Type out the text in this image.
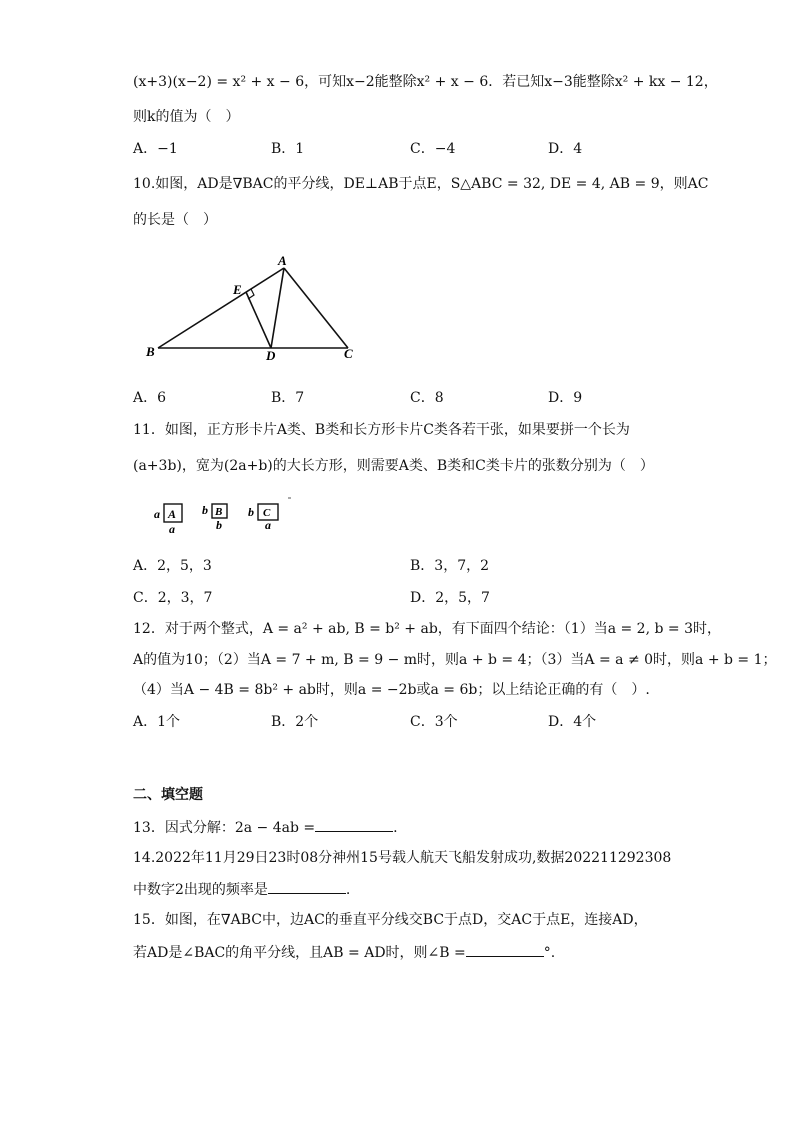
(x+3)(x−2) = x² + x − 6，可知x−2能整除x² + x − 6．若已知x−3能整除x² + kx − 12，
则k的值为（　）
A．−1	B．1	C．−4	D．4
10.如图，AD是∇BAC的平分线，DE⊥AB于点E，S△ABC = 32, DE = 4, AB = 9，则AC
的长是（　）
A
E
B	D	C
A．6	B．7	C．8	D．9
11．如图，正方形卡片A类、B类和长方形卡片C类各若干张，如果要拼一个长为
(a+3b)，宽为(2a+b)的大长方形，则需要A类、B类和C类卡片的张数分别为（　）
a A
a
b B
b
b C
a
A．2，5，3	B．3，7，2
C．2，3，7	D．2，5，7
12．对于两个整式，A = a² + ab, B = b² + ab，有下面四个结论：（1）当a = 2, b = 3时，
A的值为10；（2）当A = 7 + m, B = 9 − m时，则a + b = 4；（3）当A = a ≠ 0时，则a + b = 1；
（4）当A − 4B = 8b² + ab时，则a = −2b或a = 6b；以上结论正确的有（　）.
A．1个	B．2个	C．3个	D．4个
二、填空题
13．因式分解：2a − 4ab =	.
14.2022年11月29日23时08分神州15号载人航天飞船发射成功,数据202211292308
中数字2出现的频率是	.
15．如图，在∇ABC中，边AC的垂直平分线交BC于点D，交AC于点E，连接AD，
若AD是∠BAC的角平分线，且AB = AD时，则∠B =	°.
